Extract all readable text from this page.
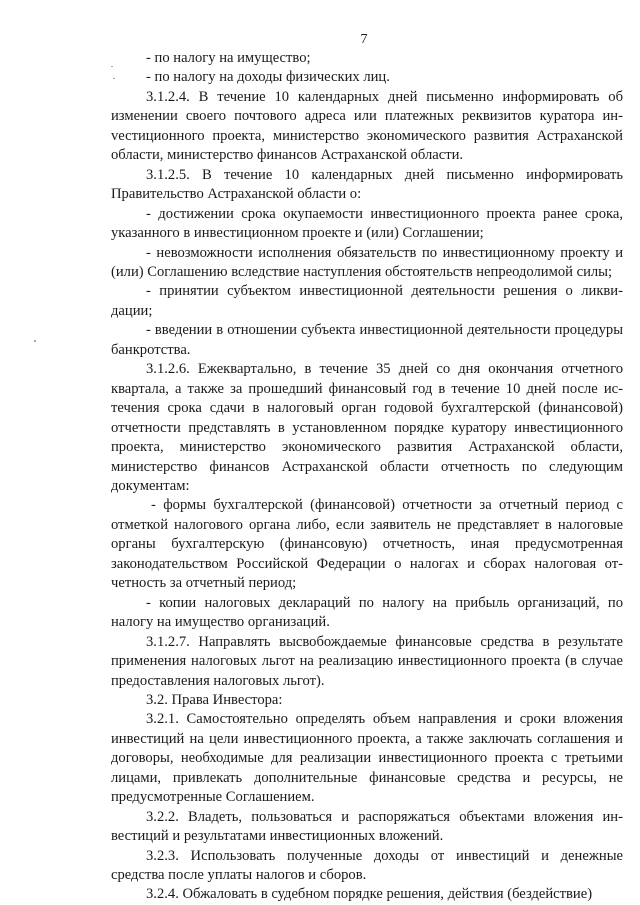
7

- по налогу на имущество;

- по налогу на доходы физических лиц.

3.1.2.4. В течение 10 календарных дней письменно информировать об изменении своего почтового адреса или платежных реквизитов куратора инvестиционного проекта, министерство экономического развития Астраханской области, министерство финансов Астраханской области.

3.1.2.5. В течение 10 календарных дней письменно информировать Правительство Астраханской области о:

- достижении срока окупаемости инвестиционного проекта ранее срока, указанного в инвестиционном проекте и (или) Соглашении;

- невозможности исполнения обязательств по инвестиционному проекту и (или) Соглашению вследствие наступления обстоятельств непреодолимой силы;

- принятии субъектом инвестиционной деятельности решения о ликвидации;

- введении в отношении субъекта инвестиционной деятельности процедуры банкротства.

3.1.2.6. Ежеквартально, в течение 35 дней со дня окончания отчетного квартала, а также за прошедший финансовый год в течение 10 дней после истечения срока сдачи в налоговый орган годовой бухгалтерской (финансовой) отчетности представлять в установленном порядке куратору инвестиционного проекта, министерство экономического развития Астраханской области, министерство финансов Астраханской области отчетность по следующим документам:

- формы бухгалтерской (финансовой) отчетности за отчетный период с отметкой налогового органа либо, если заявитель не представляет в налоговые органы бухгалтерскую (финансовую) отчетность, иная предусмотренная законодательством Российской Федерации о налогах и сборах налоговая отчетность за отчетный период;

- копии налоговых деклараций по налогу на прибыль организаций, по налогу на имущество организаций.

3.1.2.7. Направлять высвобождаемые финансовые средства в результате применения налоговых льгот на реализацию инвестиционного проекта (в случае предоставления налоговых льгот).

3.2. Права Инвестора:

3.2.1. Самостоятельно определять объем направления и сроки вложения инвестиций на цели инвестиционного проекта, а также заключать соглашения и договоры, необходимые для реализации инвестиционного проекта с третьими лицами, привлекать дополнительные финансовые средства и ресурсы, не предусмотренные Соглашением.

3.2.2. Владеть, пользоваться и распоряжаться объектами вложения инвестиций и результатами инвестиционных вложений.

3.2.3. Использовать полученные доходы от инвестиций и денежные средства после уплаты налогов и сборов.

3.2.4. Обжаловать в судебном порядке решения, действия (бездействие)
